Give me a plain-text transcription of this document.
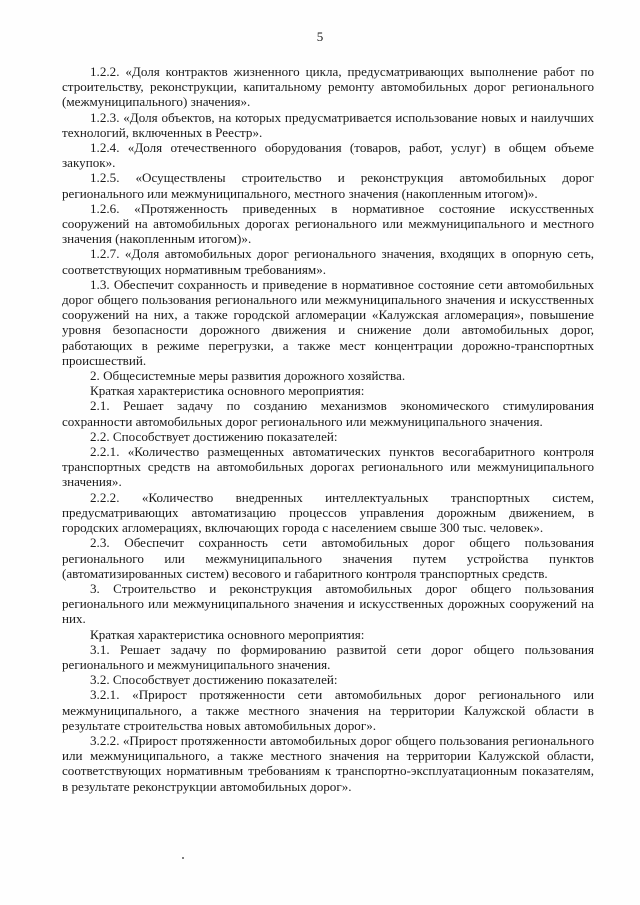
5

1.2.2. «Доля контрактов жизненного цикла, предусматривающих выполнение работ по строительству, реконструкции, капитальному ремонту автомобильных дорог регионального (межмуниципального) значения».

1.2.3. «Доля объектов, на которых предусматривается использование новых и наилучших технологий, включенных в Реестр».

1.2.4. «Доля отечественного оборудования (товаров, работ, услуг) в общем объеме закупок».

1.2.5. «Осуществлены строительство и реконструкция автомобильных дорог регионального или межмуниципального, местного значения (накопленным итогом)».

1.2.6. «Протяженность приведенных в нормативное состояние искусственных сооружений на автомобильных дорогах регионального или межмуниципального и местного значения (накопленным итогом)».

1.2.7. «Доля автомобильных дорог регионального значения, входящих в опорную сеть, соответствующих нормативным требованиям».

1.3. Обеспечит сохранность и приведение в нормативное состояние сети автомобильных дорог общего пользования регионального или межмуниципального значения и искусственных сооружений на них, а также городской агломерации «Калужская агломерация», повышение уровня безопасности дорожного движения и снижение доли автомобильных дорог, работающих в режиме перегрузки, а также мест концентрации дорожно-транспортных происшествий.

2. Общесистемные меры развития дорожного хозяйства.

Краткая характеристика основного мероприятия:

2.1. Решает задачу по созданию механизмов экономического стимулирования сохранности автомобильных дорог регионального или межмуниципального значения.

2.2. Способствует достижению показателей:

2.2.1. «Количество размещенных автоматических пунктов весогабаритного контроля транспортных средств на автомобильных дорогах регионального или межмуниципального значения».

2.2.2. «Количество внедренных интеллектуальных транспортных систем, предусматривающих автоматизацию процессов управления дорожным движением, в городских агломерациях, включающих города с населением свыше 300 тыс. человек».

2.3. Обеспечит сохранность сети автомобильных дорог общего пользования регионального или межмуниципального значения путем устройства пунктов (автоматизированных систем) весового и габаритного контроля транспортных средств.

3. Строительство и реконструкция автомобильных дорог общего пользования регионального или межмуниципального значения и искусственных дорожных сооружений на них.

Краткая характеристика основного мероприятия:

3.1. Решает задачу по формированию развитой сети дорог общего пользования регионального и межмуниципального значения.

3.2. Способствует достижению показателей:

3.2.1. «Прирост протяженности сети автомобильных дорог регионального или межмуниципального, а также местного значения на территории Калужской области в результате строительства новых автомобильных дорог».

3.2.2. «Прирост протяженности автомобильных дорог общего пользования регионального или межмуниципального, а также местного значения на территории Калужской области, соответствующих нормативным требованиям к транспортно-эксплуатационным показателям, в результате реконструкции автомобильных дорог».
